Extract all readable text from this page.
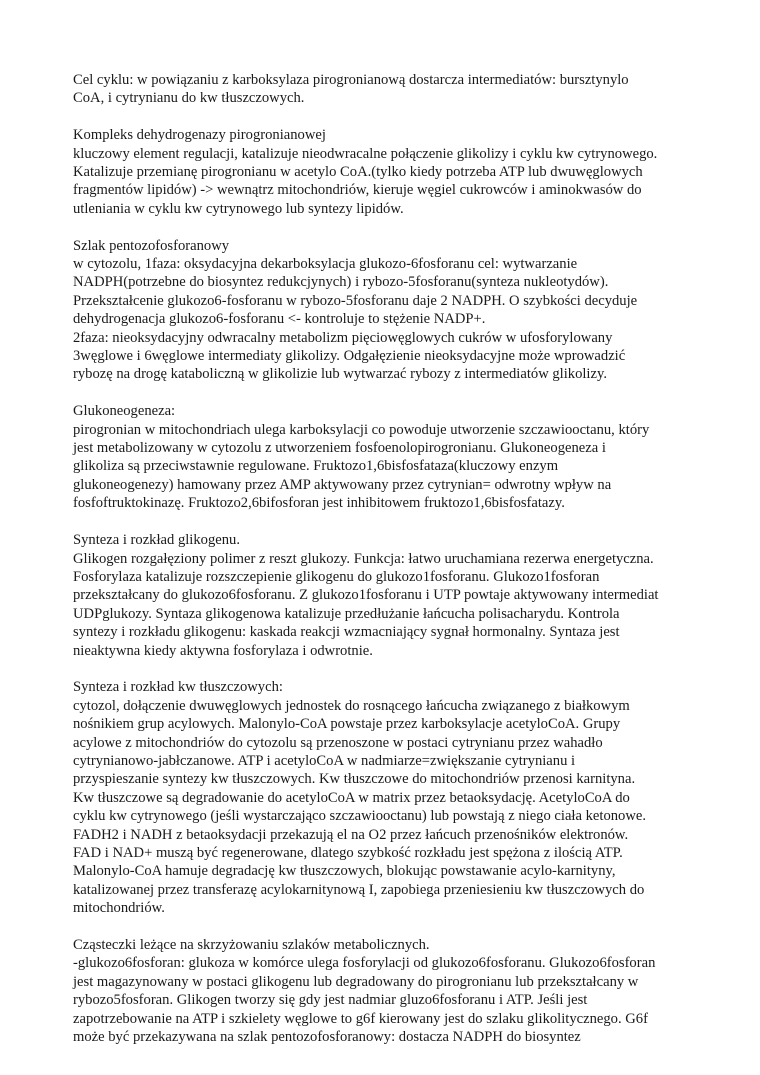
Cel cyklu: w powiązaniu z karboksylaza pirogronianową dostarcza intermediatów: bursztynylo
CoA, i cytrynianu do kw tłuszczowych.
Kompleks dehydrogenazy pirogronianowej
kluczowy element regulacji, katalizuje nieodwracalne połączenie glikolizy i cyklu kw cytrynowego.
Katalizuje przemianę pirogronianu w acetylo CoA.(tylko kiedy potrzeba ATP lub dwuwęglowych
fragmentów lipidów) -> wewnątrz mitochondriów, kieruje węgiel cukrowców i aminokwasów do
utleniania w cyklu kw cytrynowego lub syntezy lipidów.
Szlak pentozofosforanowy
w cytozolu, 1faza: oksydacyjna dekarboksylacja glukozo-6fosforanu cel: wytwarzanie
NADPH(potrzebne do biosyntez redukcjynych) i rybozo-5fosforanu(synteza nukleotydów).
Przekształcenie glukozo6-fosforanu w rybozo-5fosforanu daje 2 NADPH. O szybkości decyduje
dehydrogenacja glukozo6-fosforanu <- kontroluje to stężenie NADP+.
2faza: nieoksydacyjny odwracalny metabolizm pięciowęglowych cukrów w ufosforylowany
3węglowe i 6węglowe intermediaty glikolizy. Odgałęzienie nieoksydacyjne może wprowadzić
rybozę na drogę kataboliczną w glikolizie lub wytwarzać rybozy z intermediatów glikolizy.
Glukoneogeneza:
pirogronian w mitochondriach ulega karboksylacji co powoduje utworzenie szczawiooctanu, który
jest metabolizowany w cytozolu z utworzeniem fosfoenolopirogronianu. Glukoneogeneza i
glikoliza są przeciwstawnie regulowane. Fruktozo1,6bisfosfataza(kluczowy enzym
glukoneogenezy) hamowany przez AMP aktywowany przez cytrynian= odwrotny wpływ na
fosfoftruktokinazę. Fruktozo2,6bifosforan jest inhibitowem fruktozo1,6bisfosfatazy.
Synteza i rozkład glikogenu.
Glikogen rozgałęziony polimer z reszt glukozy. Funkcja: łatwo uruchamiana rezerwa energetyczna.
Fosforylaza katalizuje rozszczepienie glikogenu do glukozo1fosforanu. Glukozo1fosforan
przekształcany do glukozo6fosforanu. Z glukozo1fosforanu i UTP powtaje aktywowany intermediat
UDPglukozy. Syntaza glikogenowa katalizuje przedłużanie łańcucha polisacharydu. Kontrola
syntezy i rozkładu glikogenu: kaskada reakcji wzmacniający sygnał hormonalny. Syntaza jest
nieaktywna kiedy aktywna fosforylaza i odwrotnie.
Synteza i rozkład kw tłuszczowych:
cytozol, dołączenie dwuwęglowych jednostek do rosnącego łańcucha związanego z białkowym
nośnikiem grup acylowych. Malonylo-CoA powstaje przez karboksylacje acetyloCoA. Grupy
acylowe z mitochondriów do cytozolu są przenoszone w postaci cytrynianu przez wahadło
cytrynianowo-jabłczanowe. ATP i acetyloCoA w nadmiarze=zwiększanie cytrynianu i
przyspieszanie syntezy kw tłuszczowych. Kw tłuszczowe do mitochondriów przenosi karnityna.
Kw tłuszczowe są degradowanie do acetyloCoA w matrix przez betaoksydację. AcetyloCoA do
cyklu kw cytrynowego (jeśli wystarczająco szczawiooctanu) lub powstają z niego ciała ketonowe.
FADH2 i NADH z betaoksydacji przekazują el na O2 przez łańcuch przenośników elektronów.
FAD i NAD+ muszą być regenerowane, dlatego szybkość rozkładu jest spężona z ilością ATP.
Malonylo-CoA hamuje degradację kw tłuszczowych, blokując powstawanie acylo-karnityny,
katalizowanej przez transferazę acylokarnitynową I, zapobiega przeniesieniu kw tłuszczowych do
mitochondriów.
Cząsteczki leżące na skrzyżowaniu szlaków metabolicznych.
-glukozo6fosforan: glukoza w komórce ulega fosforylacji od glukozo6fosforanu. Glukozo6fosforan
jest magazynowany w postaci glikogenu lub degradowany do pirogronianu lub przekształcany w
rybozo5fosforan. Glikogen tworzy się gdy jest nadmiar gluzo6fosforanu i ATP. Jeśli jest
zapotrzebowanie na ATP i szkielety węglowe to g6f kierowany jest do szlaku glikolitycznego. G6f
może być przekazywana na szlak pentozofosforanowy: dostacza NADPH do biosyntez
